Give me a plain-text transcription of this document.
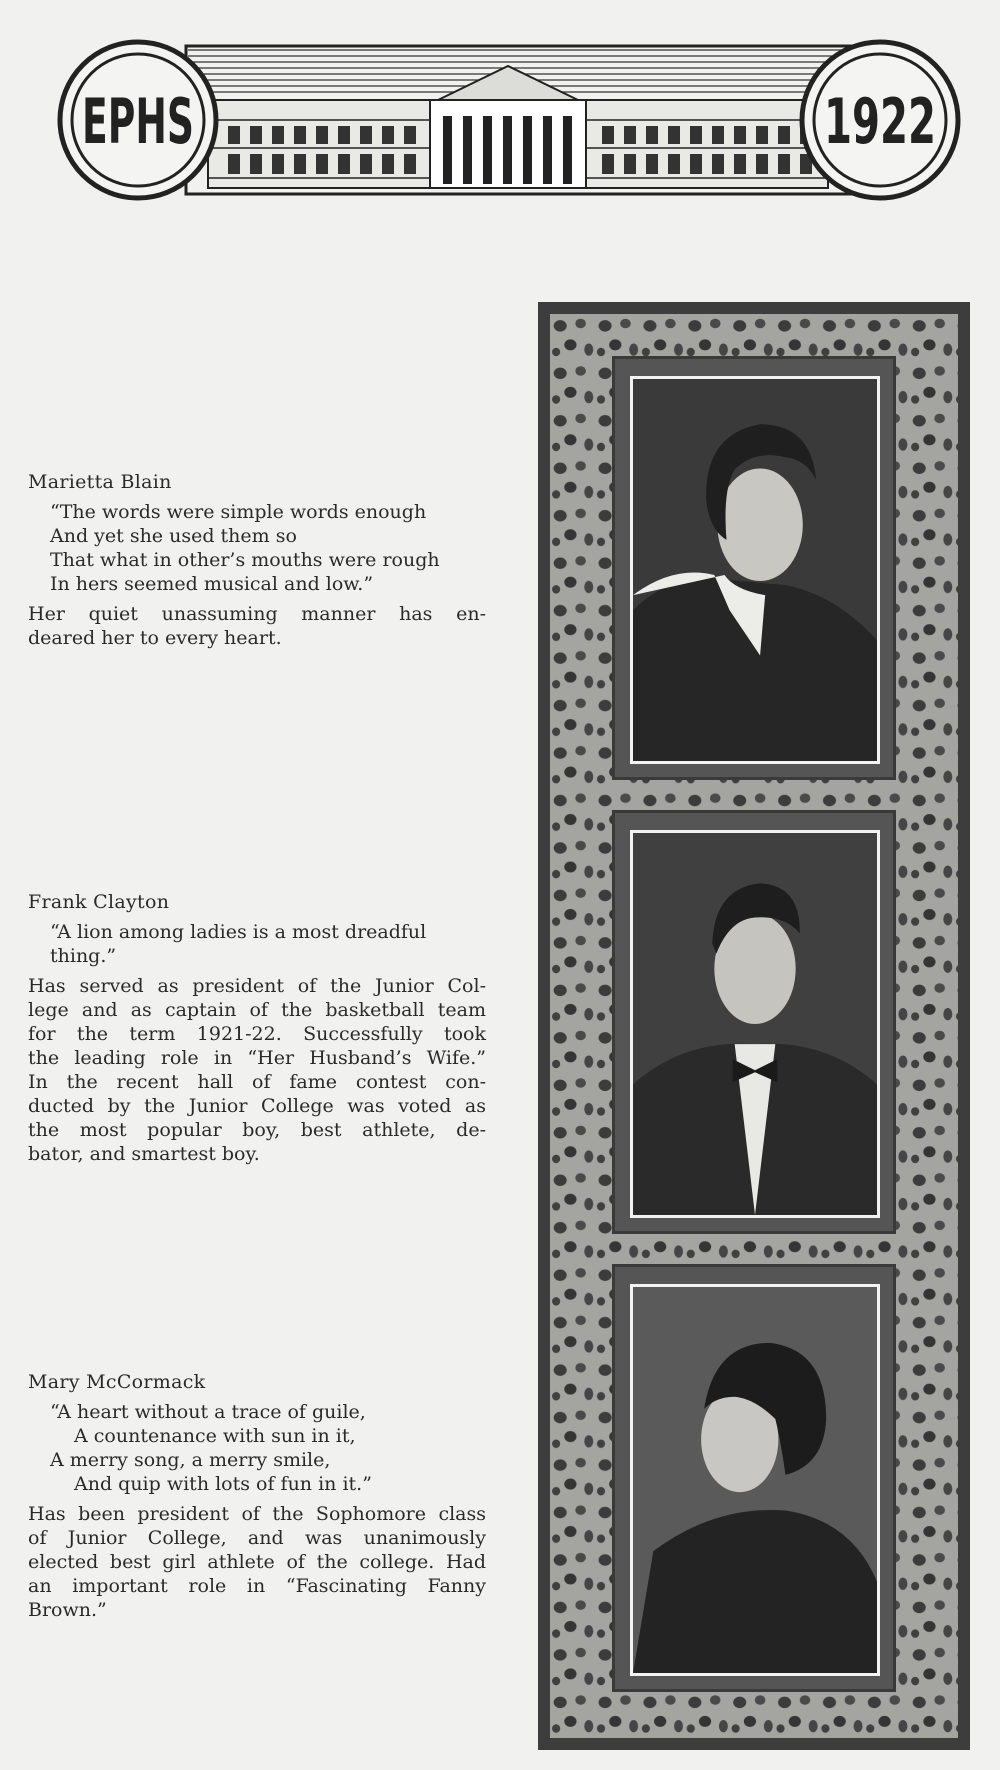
EPHS	1922
Marietta Blain
“The words were simple words enough
And yet she used them so
That what in other’s mouths were rough
In hers seemed musical and low.”
Her quiet unassuming manner has en-
deared her to every heart.
Frank Clayton
“A lion among ladies is a most dreadful
thing.”
Has served as president of the Junior Col-
lege and as captain of the basketball team
for the term 1921-22. Successfully took
the leading role in “Her Husband’s Wife.”
In the recent hall of fame contest con-
ducted by the Junior College was voted as
the most popular boy, best athlete, de-
bator, and smartest boy.
Mary McCormack
“A heart without a trace of guile,
A countenance with sun in it,
A merry song, a merry smile,
And quip with lots of fun in it.”
Has been president of the Sophomore class
of Junior College, and was unanimously
elected best girl athlete of the college. Had
an important role in “Fascinating Fanny
Brown.”
